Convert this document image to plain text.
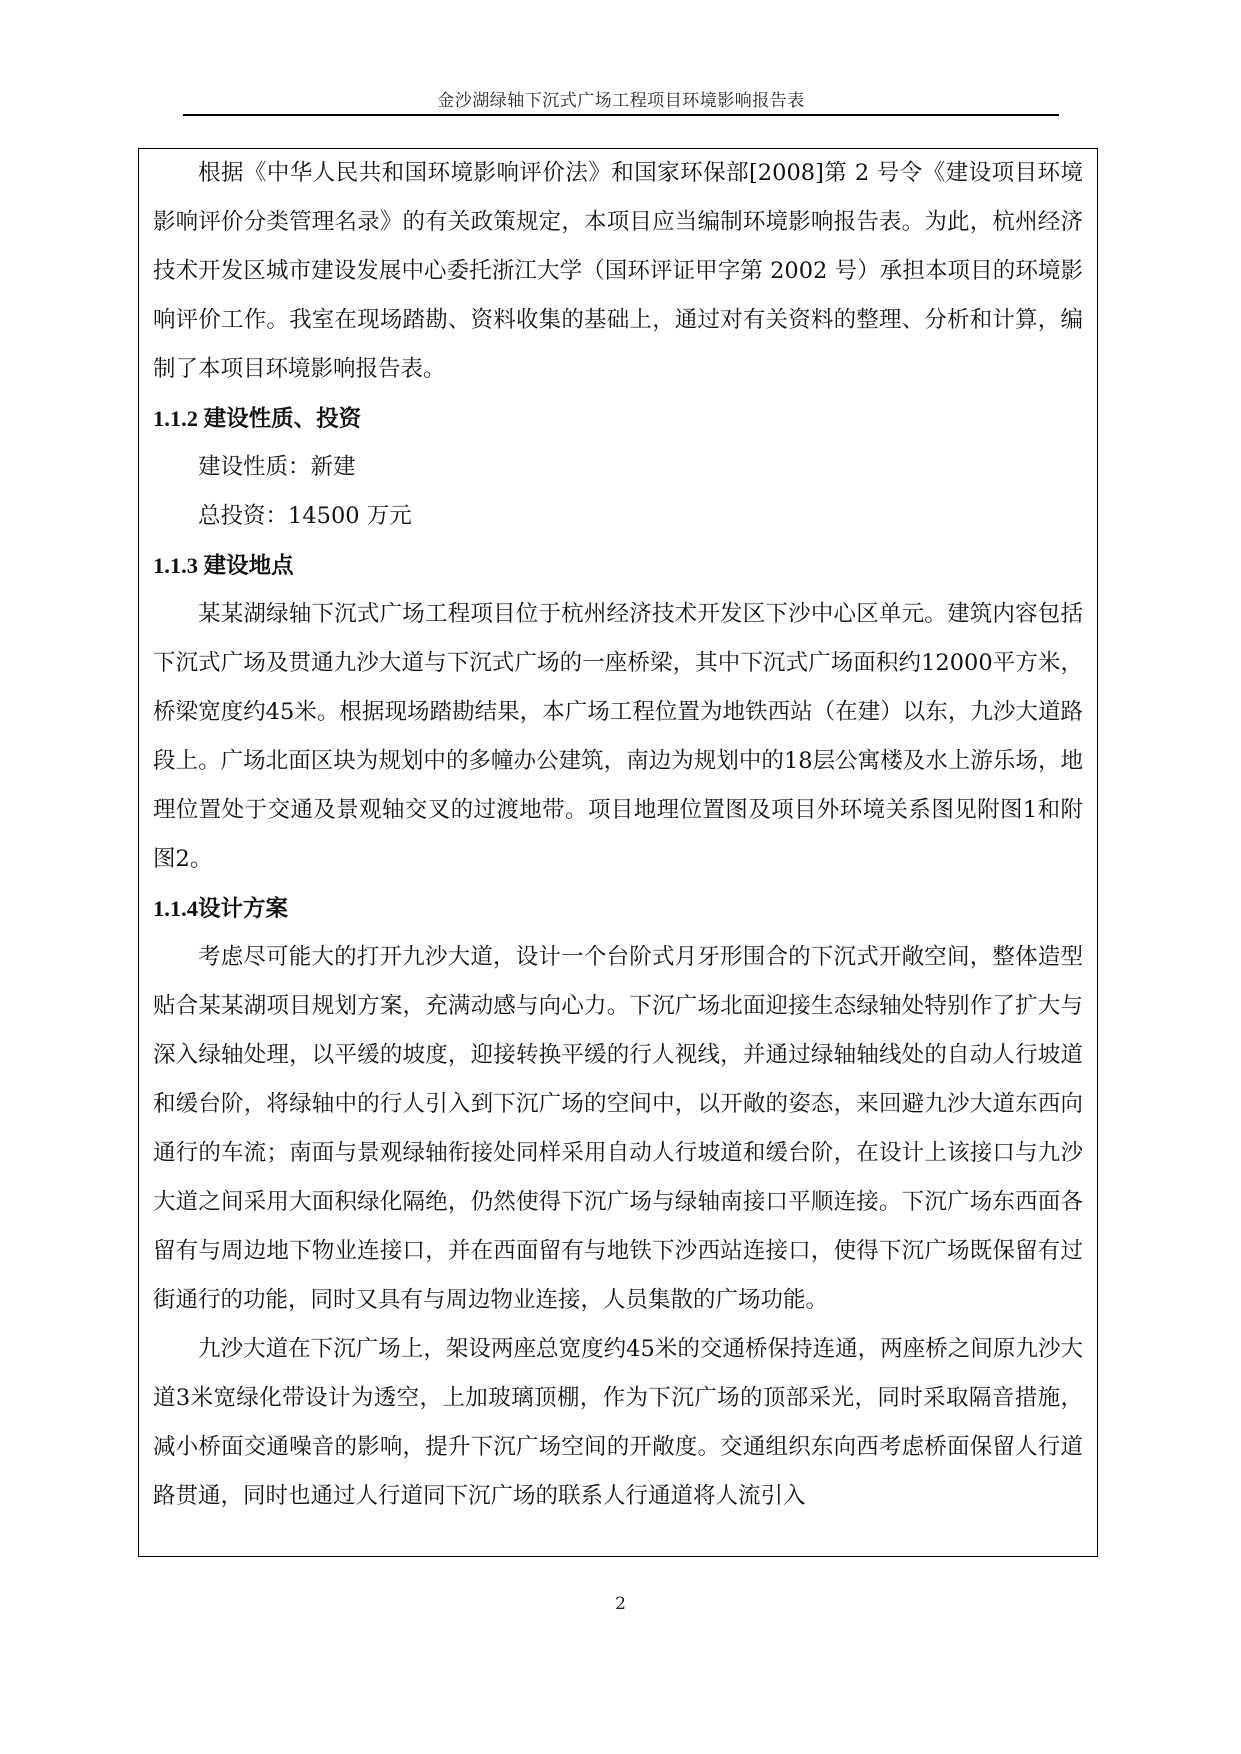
金沙湖绿轴下沉式广场工程项目环境影响报告表

根据《中华人民共和国环境影响评价法》和国家环保部[2008]第 2 号令《建设项目环境影响评价分类管理名录》的有关政策规定，本项目应当编制环境影响报告表。为此，杭州经济技术开发区城市建设发展中心委托浙江大学（国环评证甲字第 2002 号）承担本项目的环境影响评价工作。我室在现场踏勘、资料收集的基础上，通过对有关资料的整理、分析和计算，编制了本项目环境影响报告表。

1.1.2 建设性质、投资

建设性质：新建

总投资：14500 万元

1.1.3 建设地点

某某湖绿轴下沉式广场工程项目位于杭州经济技术开发区下沙中心区单元。建筑内容包括下沉式广场及贯通九沙大道与下沉式广场的一座桥梁，其中下沉式广场面积约12000平方米，桥梁宽度约45米。根据现场踏勘结果，本广场工程位置为地铁西站（在建）以东，九沙大道路段上。广场北面区块为规划中的多幢办公建筑，南边为规划中的18层公寓楼及水上游乐场，地理位置处于交通及景观轴交叉的过渡地带。项目地理位置图及项目外环境关系图见附图1和附图2。

1.1.4设计方案

考虑尽可能大的打开九沙大道，设计一个台阶式月牙形围合的下沉式开敞空间，整体造型贴合某某湖项目规划方案，充满动感与向心力。下沉广场北面迎接生态绿轴处特别作了扩大与深入绿轴处理，以平缓的坡度，迎接转换平缓的行人视线，并通过绿轴轴线处的自动人行坡道和缓台阶，将绿轴中的行人引入到下沉广场的空间中，以开敞的姿态，来回避九沙大道东西向通行的车流；南面与景观绿轴衔接处同样采用自动人行坡道和缓台阶，在设计上该接口与九沙大道之间采用大面积绿化隔绝，仍然使得下沉广场与绿轴南接口平顺连接。下沉广场东西面各留有与周边地下物业连接口，并在西面留有与地铁下沙西站连接口，使得下沉广场既保留有过街通行的功能，同时又具有与周边物业连接，人员集散的广场功能。

九沙大道在下沉广场上，架设两座总宽度约45米的交通桥保持连通，两座桥之间原九沙大道3米宽绿化带设计为透空，上加玻璃顶棚，作为下沉广场的顶部采光，同时采取隔音措施，减小桥面交通噪音的影响，提升下沉广场空间的开敞度。交通组织东向西考虑桥面保留人行道路贯通，同时也通过人行道同下沉广场的联系人行通道将人流引入

2
